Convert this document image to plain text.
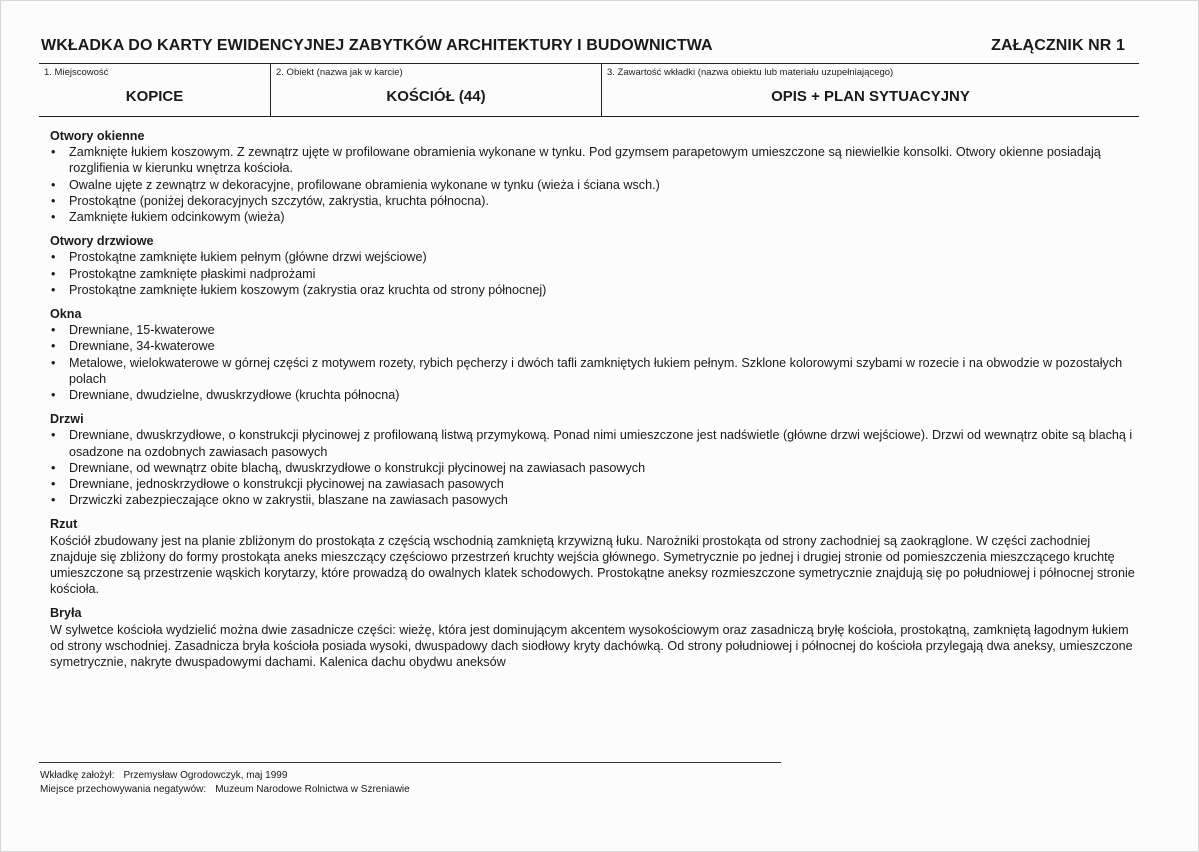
WKŁADKA DO KARTY EWIDENCYJNEJ ZABYTKÓW ARCHITEKTURY I BUDOWNICTWA	ZAŁĄCZNIK NR 1
1. Miejscowość
KOPICE
2. Obiekt (nazwa jak w karcie)
KOŚCIÓŁ (44)
3. Zawartość wkładki (nazwa obiektu lub materiału uzupełniającego)
OPIS + PLAN SYTUACYJNY
Otwory okienne
• Zamknięte łukiem koszowym. Z zewnątrz ujęte w profilowane obramienia wykonane w tynku. Pod gzymsem parapetowym umieszczone są niewielkie konsolki. Otwory okienne posiadają rozglifienia w kierunku wnętrza kościoła.
• Owalne ujęte z zewnątrz w dekoracyjne, profilowane obramienia wykonane w tynku (wieża i ściana wsch.)
• Prostokątne (poniżej dekoracyjnych szczytów, zakrystia, kruchta północna).
• Zamknięte łukiem odcinkowym (wieża)
Otwory drzwiowe
• Prostokątne zamknięte łukiem pełnym (główne drzwi wejściowe)
• Prostokątne zamknięte płaskimi nadprożami
• Prostokątne zamknięte łukiem koszowym (zakrystia oraz kruchta od strony północnej)
Okna
• Drewniane, 15-kwaterowe
• Drewniane, 34-kwaterowe
• Metalowe, wielokwaterowe w górnej części z motywem rozety, rybich pęcherzy i dwóch tafli zamkniętych łukiem pełnym. Szklone kolorowymi szybami w rozecie i na obwodzie w pozostałych polach
• Drewniane, dwudzielne, dwuskrzydłowe (kruchta północna)
Drzwi
• Drewniane, dwuskrzydłowe, o konstrukcji płycinowej z profilowaną listwą przymykową. Ponad nimi umieszczone jest nadświetle (główne drzwi wejściowe). Drzwi od wewnątrz obite są blachą i osadzone na ozdobnych zawiasach pasowych
• Drewniane, od wewnątrz obite blachą, dwuskrzydłowe o konstrukcji płycinowej na zawiasach pasowych
• Drewniane, jednoskrzydłowe o konstrukcji płycinowej na zawiasach pasowych
• Drzwiczki zabezpieczające okno w zakrystii, blaszane na zawiasach pasowych
Rzut

Kościół zbudowany jest na planie zbliżonym do prostokąta z częścią wschodnią zamkniętą krzywizną łuku. Narożniki prostokąta od strony zachodniej są zaokrąglone. W części zachodniej znajduje się zbliżony do formy prostokąta aneks mieszczący częściowo przestrzeń kruchty wejścia głównego. Symetrycznie po jednej i drugiej stronie od pomieszczenia mieszczącego kruchtę umieszczone są przestrzenie wąskich korytarzy, które prowadzą do owalnych klatek schodowych. Prostokątne aneksy rozmieszczone symetrycznie znajdują się po południowej i północnej stronie kościoła.

Bryła

W sylwetce kościoła wydzielić można dwie zasadnicze części: wieżę, która jest dominującym akcentem wysokościowym oraz zasadniczą bryłę kościoła, prostokątną, zamkniętą łagodnym łukiem od strony wschodniej. Zasadnicza bryła kościoła posiada wysoki, dwuspadowy dach siodłowy kryty dachówką. Od strony południowej i północnej do kościoła przylegają dwa aneksy, umieszczone symetrycznie, nakryte dwuspadowymi dachami. Kalenica dachu obydwu aneksów

Wkładkę założył: Przemysław Ogrodowczyk, maj 1999
Miejsce przechowywania negatywów: Muzeum Narodowe Rolnictwa w Szreniawie
